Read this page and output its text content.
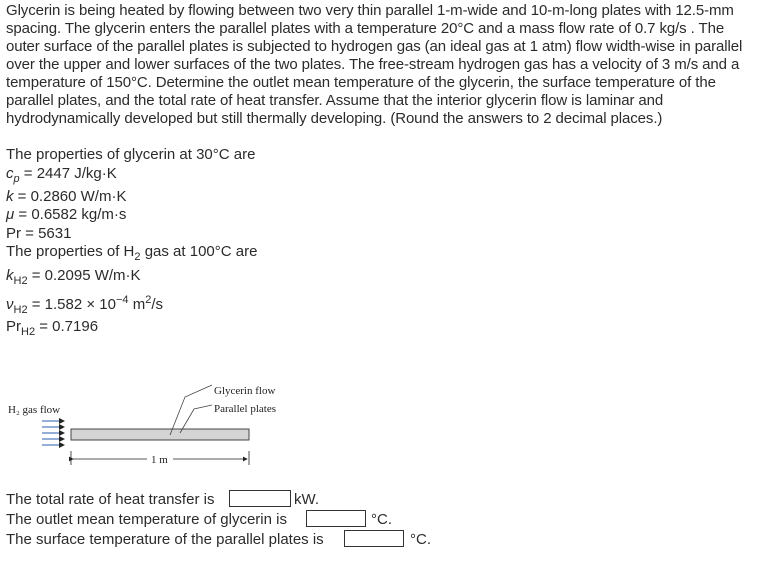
Glycerin is being heated by flowing between two very thin parallel 1-m-wide and 10-m-long plates with 12.5-mm spacing. The glycerin enters the parallel plates with a temperature 20°C and a mass flow rate of 0.7 kg/s . The outer surface of the parallel plates is subjected to hydrogen gas (an ideal gas at 1 atm) flow width-wise in parallel over the upper and lower surfaces of the two plates. The free-stream hydrogen gas has a velocity of 3 m/s and a temperature of 150°C. Determine the outlet mean temperature of the glycerin, the surface temperature of the parallel plates, and the total rate of heat transfer. Assume that the interior glycerin flow is laminar and hydrodynamically developed but still thermally developing. (Round the answers to 2 decimal places.)
The properties of glycerin at 30°C are
$c_p = 2447$ J/kg·K
k = 0.2860 W/m·K
μ = 0.6582 kg/m·s
Pr = 5631
The properties of $H_2$ gas at 100°C are
$k_{H2} = 0.2095$ W/m·K
$\nu_{H2} = 1.582 \times 10^{-4}$ $m^2/s$
$Pr_{H2} = 0.7196$
H₂ gas flow
Glycerin flow
Parallel plates
1 m
The total rate of heat transfer is	kW.
The outlet mean temperature of glycerin is	°C.
The surface temperature of the parallel plates is	°C.
